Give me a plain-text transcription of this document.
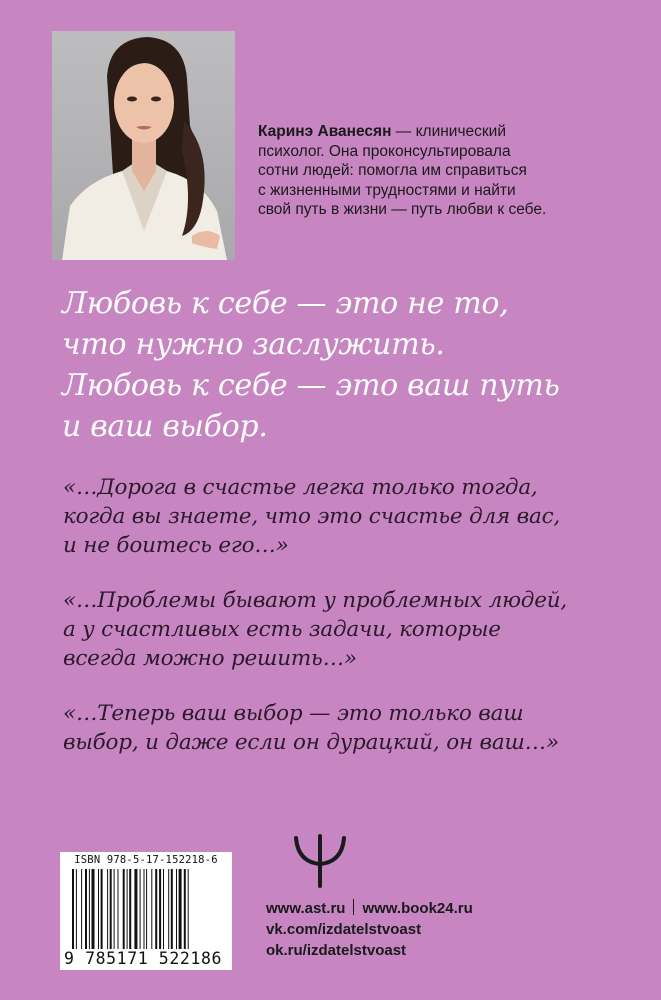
Каринэ Аванесян — клинический
психолог. Она проконсультировала
сотни людей: помогла им справиться
с жизненными трудностями и найти
свой путь в жизни — путь любви к себе.
Любовь к себе — это не то,
что нужно заслужить.
Любовь к себе — это ваш путь
и ваш выбор.
«…Дорога в счастье легка только тогда,
когда вы знаете, что это счастье для вас,
и не боитесь его…»
«…Проблемы бывают у проблемных людей,
а у счастливых есть задачи, которые
всегда можно решить…»
«…Теперь ваш выбор — это только ваш
выбор, и даже если он дурацкий, он ваш…»
ISBN 978-5-17-152218-6
9 785171 522186
www.ast.ru www.book24.ru
vk.com/izdatelstvoast
ok.ru/izdatelstvoast
